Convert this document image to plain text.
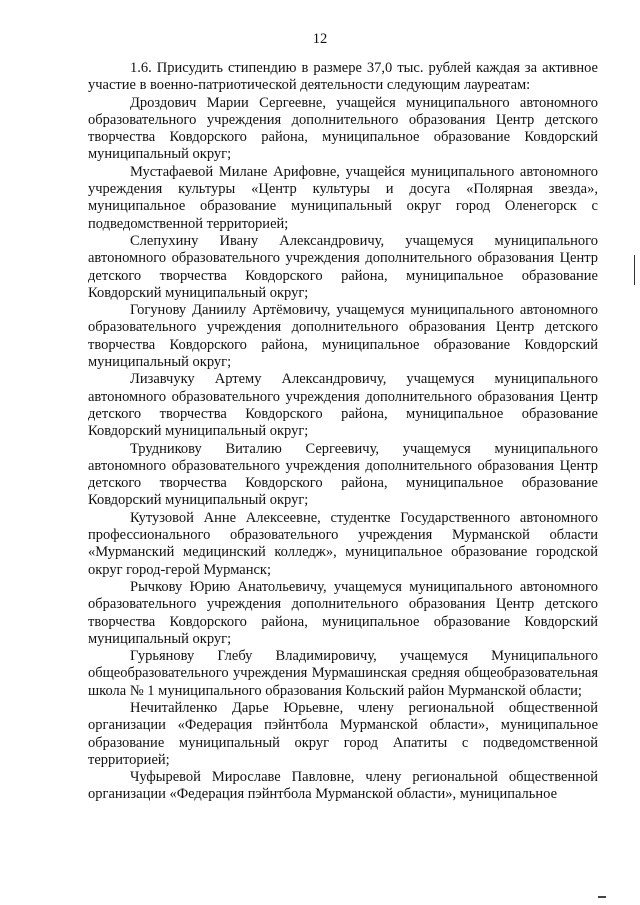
12

1.6. Присудить стипендию в размере 37,0 тыс. рублей каждая за активное участие в военно-патриотической деятельности следующим лауреатам:

Дроздович Марии Сергеевне, учащейся муниципального автономного образовательного учреждения дополнительного образования Центр детского творчества Ковдорского района, муниципальное образование Ковдорский муниципальный округ;

Мустафаевой Милане Арифовне, учащейся муниципального автономного учреждения культуры «Центр культуры и досуга «Полярная звезда», муниципальное образование муниципальный округ город Оленегорск с подведомственной территорией;

Слепухину Ивану Александровичу, учащемуся муниципального автономного образовательного учреждения дополнительного образования Центр детского творчества Ковдорского района, муниципальное образование Ковдорский муниципальный округ;

Гогунову Даниилу Артёмовичу, учащемуся муниципального автономного образовательного учреждения дополнительного образования Центр детского творчества Ковдорского района, муниципальное образование Ковдорский муниципальный округ;

Лизавчуку Артему Александровичу, учащемуся муниципального автономного образовательного учреждения дополнительного образования Центр детского творчества Ковдорского района, муниципальное образование Ковдорский муниципальный округ;

Трудникову Виталию Сергеевичу, учащемуся муниципального автономного образовательного учреждения дополнительного образования Центр детского творчества Ковдорского района, муниципальное образование Ковдорский муниципальный округ;

Кутузовой Анне Алексеевне, студентке Государственного автономного профессионального образовательного учреждения Мурманской области «Мурманский медицинский колледж», муниципальное образование городской округ город-герой Мурманск;

Рычкову Юрию Анатольевичу, учащемуся муниципального автономного образовательного учреждения дополнительного образования Центр детского творчества Ковдорского района, муниципальное образование Ковдорский муниципальный округ;

Гурьянову Глебу Владимировичу, учащемуся Муниципального общеобразовательного учреждения Мурмашинская средняя общеобразовательная школа № 1 муниципального образования Кольский район Мурманской области;

Нечитайленко Дарье Юрьевне, члену региональной общественной организации «Федерация пэйнтбола Мурманской области», муниципальное образование муниципальный округ город Апатиты с подведомственной территорией;

Чуфыревой Мирославе Павловне, члену региональной общественной организации «Федерация пэйнтбола Мурманской области», муниципальное
